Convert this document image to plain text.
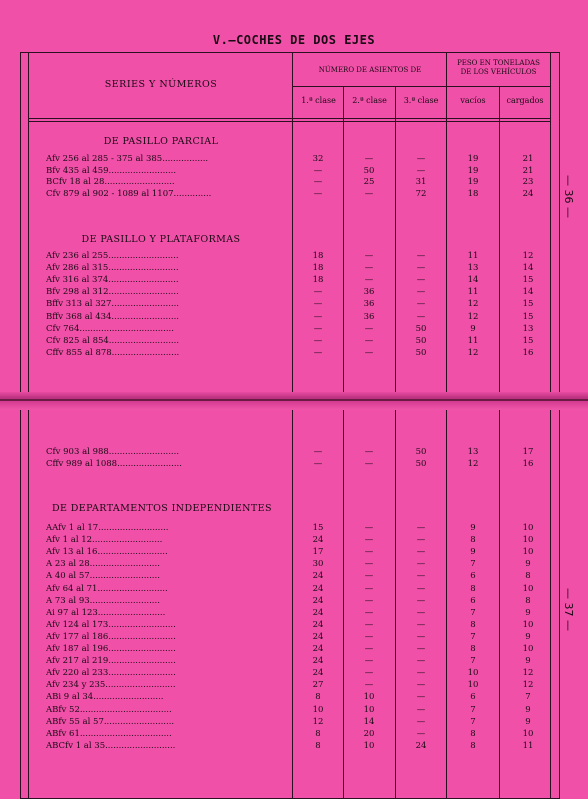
V.—COCHES DE DOS EJES
SERIES Y NÚMEROS
NÚMERO DE ASIENTOS DE
PESO EN TONELADAS
DE LOS VEHÍCULOS
1.ª clase	2.ª clase	3.ª clase	vacíos	cargados
DE PASILLO PARCIAL
DE PASILLO Y PLATAFORMAS
DE DEPARTAMENTOS INDEPENDIENTES
Afv 256 al 285 - 375 al 385.................	32	—	—	19	21
Bfv 435 al 459.........................	—	50	—	19	21
BCfv 18 al 28..........................	—	25	31	19	23
Cfv 879 al 902 - 1089 al 1107..............	—	—	72	18	24
Afv 236 al 255..........................	18	—	—	11	12
Afv 286 al 315..........................	18	—	—	13	14
Afv 316 al 374..........................	18	—	—	14	15
Bfv 298 al 312..........................	—	36	—	11	14
Bffv 313 al 327.........................	—	36	—	12	15
Bffv 368 al 434.........................	—	36	—	12	15
Cfv 764...................................	—	—	50	9	13
Cfv 825 al 854..........................	—	—	50	11	15
Cffv 855 al 878.........................	—	—	50	12	16
Cfv 903 al 988..........................	—	—	50	13	17
Cffv 989 al 1088........................	—	—	50	12	16
AAfv 1 al 17..........................	15	—	—	9	10
Afv 1 al 12..........................	24	—	—	8	10
Afv 13 al 16..........................	17	—	—	9	10
A 23 al 28..........................	30	—	—	7	9
A 40 al 57..........................	24	—	—	6	8
Afv 64 al 71..........................	24	—	—	8	10
A 73 al 93..........................	24	—	—	6	8
Ai 97 al 123.........................	24	—	—	7	9
Afv 124 al 173.........................	24	—	—	8	10
Afv 177 al 186.........................	24	—	—	7	9
Afv 187 al 196.........................	24	—	—	8	10
Afv 217 al 219.........................	24	—	—	7	9
Afv 220 al 233.........................	24	—	—	10	12
Afv 234 y 235..........................	27	—	—	10	12
ABi 9 al 34..........................	8	10	—	6	7
ABfv 52..................................	10	10	—	7	9
ABfv 55 al 57..........................	12	14	—	7	9
ABfv 61..................................	8	20	—	8	10
ABCfv 1 al 35..........................	8	10	24	8	11
— 36 —
— 37 —
